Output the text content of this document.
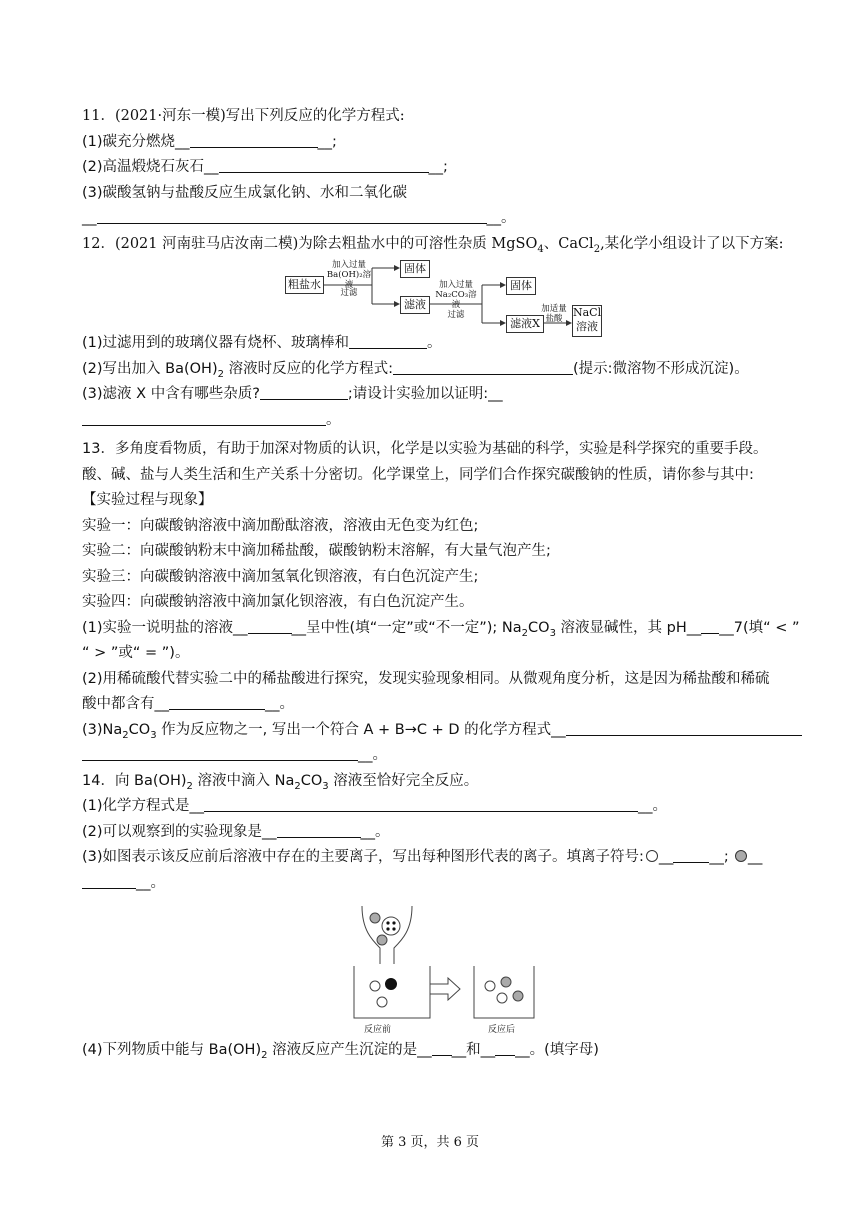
11．(2021·河东一模)写出下列反应的化学方程式:
(1)碳充分燃烧__	__;
(2)高温煅烧石灰石__	__;
(3)碳酸氢钠与盐酸反应生成氯化钠、水和二氧化碳
__	__。
12．(2021 河南驻马店汝南二模)为除去粗盐水中的可溶性杂质 MgSO$_4$、CaCl$_2$,某化学小组设计了以下方案:
粗盐水
加入过量
Ba(OH)₂溶液
过滤
固体
滤液
加入过量
Na₂CO₃溶液
过滤
固体
滤液X
加适量
盐酸 NaCl
溶液
(1)过滤用到的玻璃仪器有烧杯、玻璃棒和	。
(2)写出加入 $Ba(OH)_2$ 溶液时反应的化学方程式:	(提示:微溶物不形成沉淀)。
(3)滤液 X 中含有哪些杂质?	;请设计实验加以证明:__
。
13．多角度看物质，有助于加深对物质的认识，化学是以实验为基础的科学，实验是科学探究的重要手段。
酸、碱、盐与人类生活和生产关系十分密切。化学课堂上，同学们合作探究碳酸钠的性质，请你参与其中:
【实验过程与现象】
实验一：向碳酸钠溶液中滴加酚酞溶液，溶液由无色变为红色;
实验二：向碳酸钠粉末中滴加稀盐酸，碳酸钠粉末溶解，有大量气泡产生;
实验三：向碳酸钠溶液中滴加氢氧化钡溶液，有白色沉淀产生;
实验四：向碳酸钠溶液中滴加氯化钡溶液，有白色沉淀产生。
(1)实验一说明盐的溶液__	__呈中性(填“一定”或“不一定”); $Na_2CO_3$ 溶液显碱性，其 pH__ __7(填“ < ”
“ > ”或“ = ”)。
(2)用稀硫酸代替实验二中的稀盐酸进行探究，发现实验现象相同。从微观角度分析，这是因为稀盐酸和稀硫
酸中都含有__	__。
$(3)Na_2CO_3$ 作为反应物之一, 写出一个符合 A + B→C + D 的化学方程式__
__。
14．向 $Ba(OH)_2$ 溶液中滴入 $Na_2CO_3$ 溶液至恰好完全反应。
(1)化学方程式是__	__。
(2)可以观察到的实验现象是__	__。
(3)如图表示该反应前后溶液中存在的主要离子，写出每种图形代表的离子。填离子符号: __ __; __
__。
反应前	反应后
(4)下列物质中能与 $Ba(OH)_2$ 溶液反应产生沉淀的是__ __和__ __。(填字母)
第 3 页，共 6 页
